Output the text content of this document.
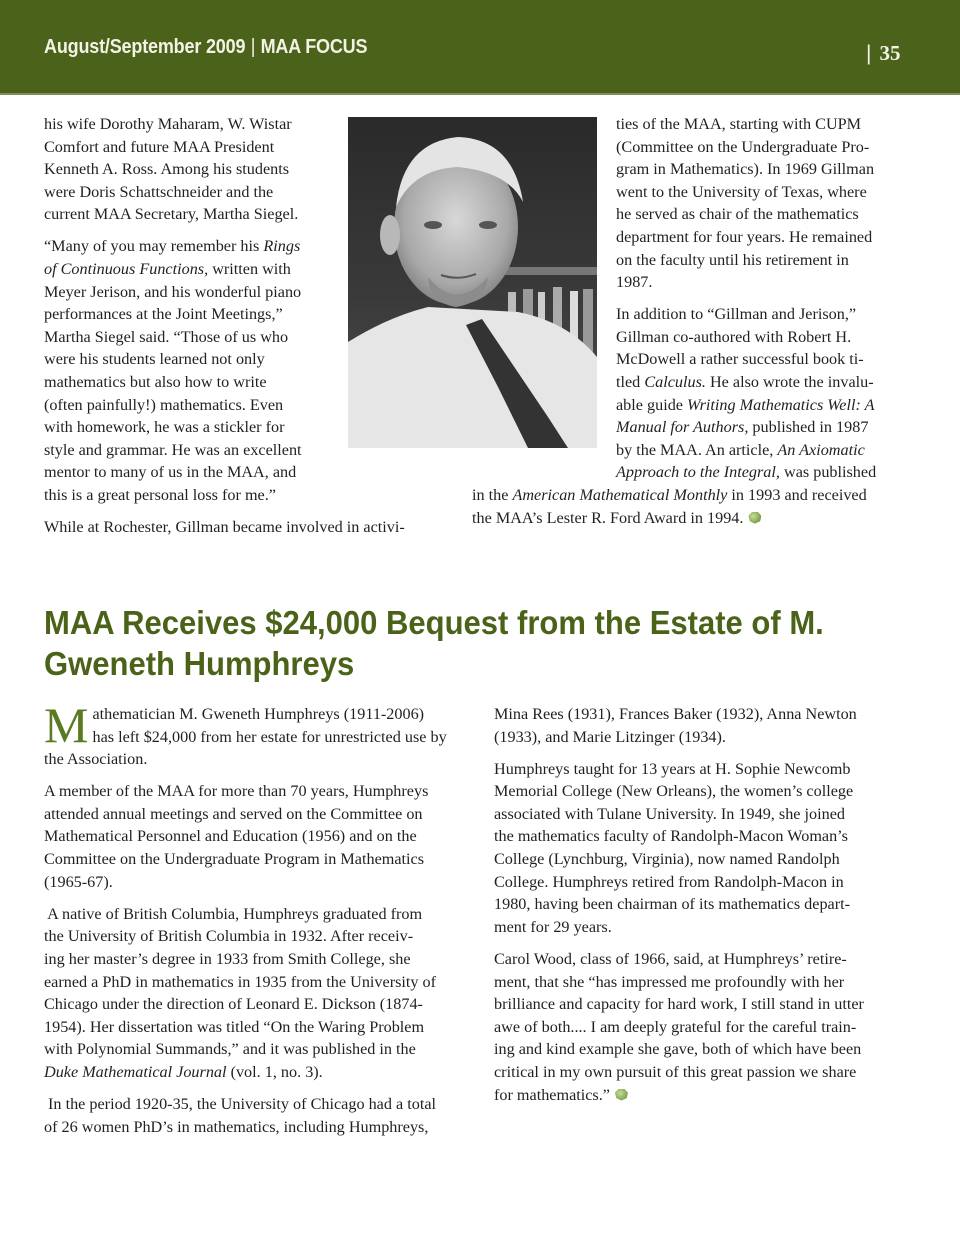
August/September 2009 | MAA FOCUS	| 35

his wife Dorothy Maharam, W. Wistar
Comfort and future MAA President
Kenneth A. Ross. Among his students
were Doris Schattschneider and the
current MAA Secretary, Martha Siegel.

“Many of you may remember his Rings
of Continuous Functions, written with
Meyer Jerison, and his wonderful piano
performances at the Joint Meetings,”
Martha Siegel said. “Those of us who
were his students learned not only
mathematics but also how to write
(often painfully!) mathematics. Even
with homework, he was a stickler for
style and grammar. He was an excellent
mentor to many of us in the MAA, and
this is a great personal loss for me.”

While at Rochester, Gillman became involved in activi-

ties of the MAA, starting with CUPM
(Committee on the Undergraduate Pro-
gram in Mathematics). In 1969 Gillman
went to the University of Texas, where
he served as chair of the mathematics
department for four years. He remained
on the faculty until his retirement in
1987.

In addition to “Gillman and Jerison,”
Gillman co-authored with Robert H.
McDowell a rather successful book ti-
tled Calculus. He also wrote the invalu-
able guide Writing Mathematics Well: A
Manual for Authors, published in 1987
by the MAA. An article, An Axiomatic
Approach to the Integral, was published

in the American Mathematical Monthly in 1993 and received
the MAA’s Lester R. Ford Award in 1994.
MAA Receives $24,000 Bequest from the Estate of M.
Gweneth Humphreys

M athematician M. Gweneth Humphreys (1911-2006)
has left $24,000 from her estate for unrestricted use by
the Association.

A member of the MAA for more than 70 years, Humphreys
attended annual meetings and served on the Committee on
Mathematical Personnel and Education (1956) and on the
Committee on the Undergraduate Program in Mathematics
(1965-67).

A native of British Columbia, Humphreys graduated from
the University of British Columbia in 1932. After receiv-
ing her master’s degree in 1933 from Smith College, she
earned a PhD in mathematics in 1935 from the University of
Chicago under the direction of Leonard E. Dickson (1874-
1954). Her dissertation was titled “On the Waring Problem
with Polynomial Summands,” and it was published in the
Duke Mathematical Journal (vol. 1, no. 3).

In the period 1920-35, the University of Chicago had a total
of 26 women PhD’s in mathematics, including Humphreys,

Mina Rees (1931), Frances Baker (1932), Anna Newton
(1933), and Marie Litzinger (1934).

Humphreys taught for 13 years at H. Sophie Newcomb
Memorial College (New Orleans), the women’s college
associated with Tulane University. In 1949, she joined
the mathematics faculty of Randolph-Macon Woman’s
College (Lynchburg, Virginia), now named Randolph
College. Humphreys retired from Randolph-Macon in
1980, having been chairman of its mathematics depart-
ment for 29 years.

Carol Wood, class of 1966, said, at Humphreys’ retire-
ment, that she “has impressed me profoundly with her
brilliance and capacity for hard work, I still stand in utter
awe of both.... I am deeply grateful for the careful train-
ing and kind example she gave, both of which have been
critical in my own pursuit of this great passion we share
for mathematics.”
